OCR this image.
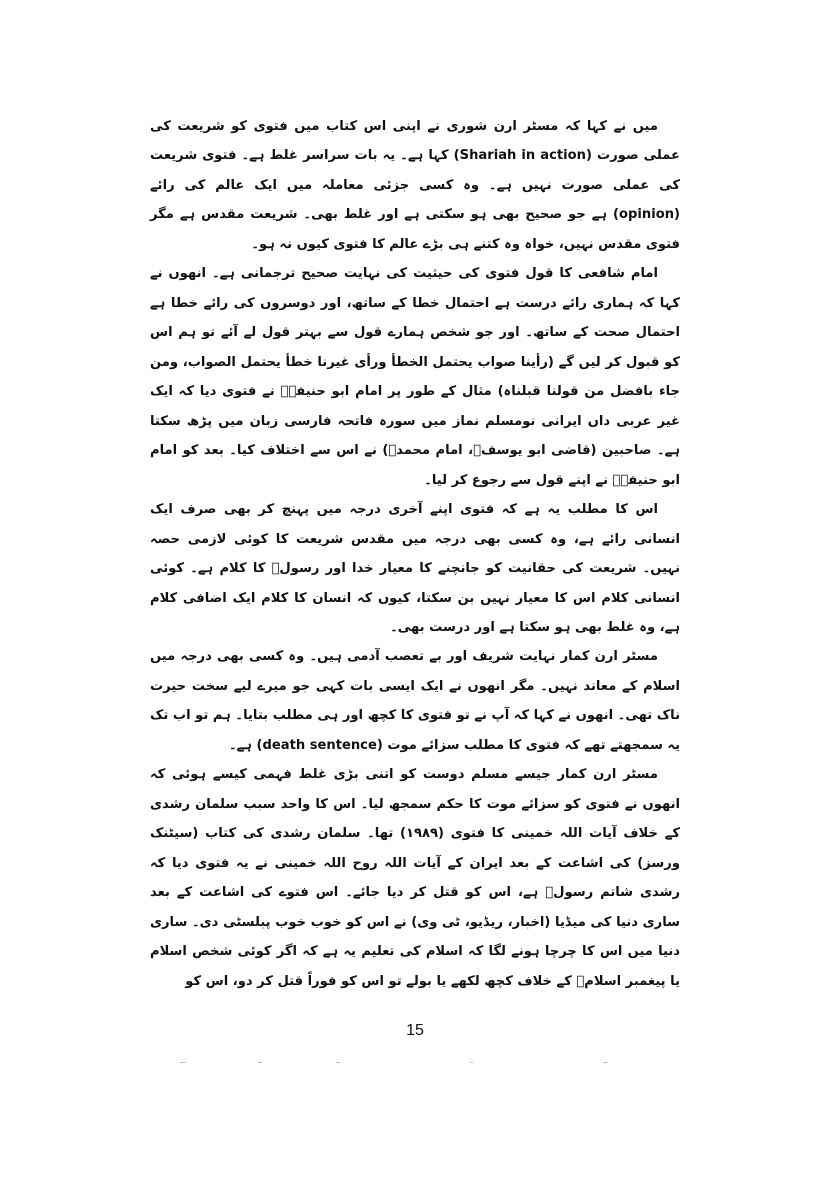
میں نے کہا کہ مسٹر ارن شوری نے اپنی اس کتاب میں فتوی کو شریعت کی عملی صورت (Shariah in action) کہا ہے۔ یہ بات سراسر غلط ہے۔ فتوی شریعت کی عملی صورت نہیں ہے۔ وہ کسی جزئی معاملہ میں ایک عالم کی رائے (opinion) ہے جو صحیح بھی ہو سکتی ہے اور غلط بھی۔ شریعت مقدس ہے مگر فتوی مقدس نہیں، خواہ وہ کتنے ہی بڑے عالم کا فتوی کیوں نہ ہو۔

امام شافعی کا قول فتوی کی حیثیت کی نہایت صحیح ترجمانی ہے۔ انھوں نے کہا کہ ہماری رائے درست ہے احتمال خطا کے ساتھ، اور دوسروں کی رائے خطا ہے احتمال صحت کے ساتھ۔ اور جو شخص ہمارے قول سے بہتر قول لے آئے تو ہم اس کو قبول کر لیں گے (رأینا صواب یحتمل الخطأ ورأی غیرنا خطأ یحتمل الصواب، ومن جاء بافضل من قولنا قبلناہ) مثال کے طور پر امام ابو حنیفہؒ نے فتوی دیا کہ ایک غیر عربی داں ایرانی نومسلم نماز میں سورہ فاتحہ فارسی زبان میں پڑھ سکتا ہے۔ صاحبین (قاضی ابو یوسفؒ، امام محمدؒ) نے اس سے اختلاف کیا۔ بعد کو امام ابو حنیفہؒ نے اپنے قول سے رجوع کر لیا۔

اس کا مطلب یہ ہے کہ فتوی اپنے آخری درجہ میں پہنچ کر بھی صرف ایک انسانی رائے ہے، وہ کسی بھی درجہ میں مقدس شریعت کا کوئی لازمی حصہ نہیں۔ شریعت کی حقانیت کو جانچنے کا معیار خدا اور رسولؐ کا کلام ہے۔ کوئی انسانی کلام اس کا معیار نہیں بن سکتا، کیوں کہ انسان کا کلام ایک اضافی کلام ہے، وہ غلط بھی ہو سکتا ہے اور درست بھی۔

مسٹر ارن کمار نہایت شریف اور بے تعصب آدمی ہیں۔ وہ کسی بھی درجہ میں اسلام کے معاند نہیں۔ مگر انھوں نے ایک ایسی بات کہی جو میرے لیے سخت حیرت ناک تھی۔ انھوں نے کہا کہ آپ نے تو فتوی کا کچھ اور ہی مطلب بتایا۔ ہم تو اب تک یہ سمجھتے تھے کہ فتوی کا مطلب سزائے موت (death sentence) ہے۔

مسٹر ارن کمار جیسے مسلم دوست کو اتنی بڑی غلط فہمی کیسے ہوئی کہ انھوں نے فتوی کو سزائے موت کا حکم سمجھ لیا۔ اس کا واحد سبب سلمان رشدی کے خلاف آیات اللہ خمینی کا فتوی (۱۹۸۹) تھا۔ سلمان رشدی کی کتاب (سیٹنک ورسز) کی اشاعت کے بعد ایران کے آیات اللہ روح اللہ خمینی نے یہ فتوی دیا کہ رشدی شاتم رسولؐ ہے، اس کو قتل کر دیا جائے۔ اس فتوے کی اشاعت کے بعد ساری دنیا کی میڈیا (اخبار، ریڈیو، ٹی وی) نے اس کو خوب خوب پبلسٹی دی۔ ساری دنیا میں اس کا چرچا ہونے لگا کہ اسلام کی تعلیم یہ ہے کہ اگر کوئی شخص اسلام یا پیغمبر اسلامؐ کے خلاف کچھ لکھے یا بولے تو اس کو فوراً قتل کر دو، اس کو

15
